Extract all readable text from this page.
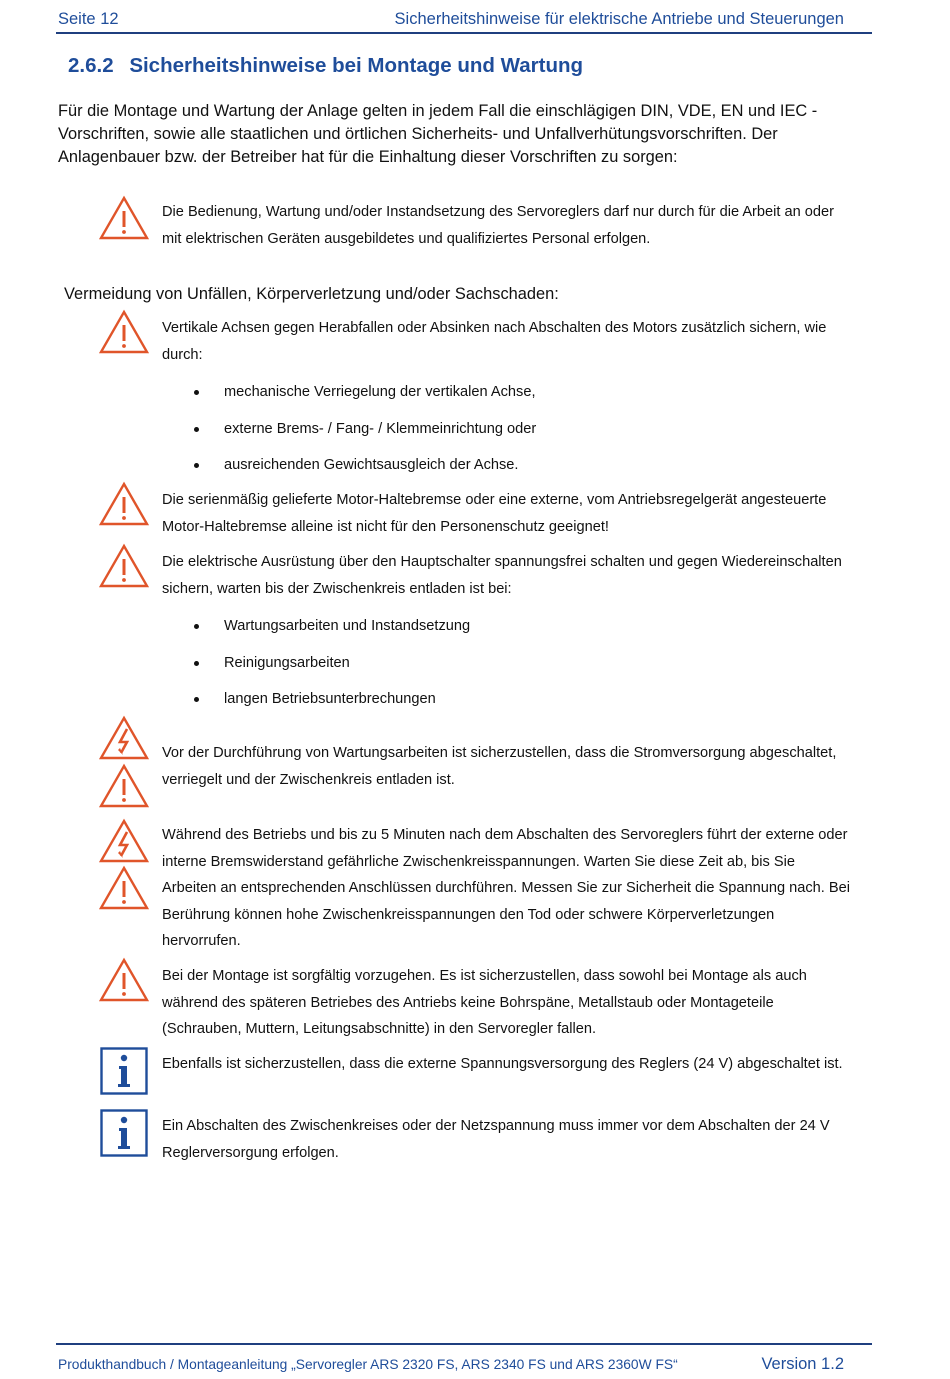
Seite 12	Sicherheitshinweise für elektrische Antriebe und Steuerungen
2.6.2 Sicherheitshinweise bei Montage und Wartung
Für die Montage und Wartung der Anlage gelten in jedem Fall die einschlägigen DIN, VDE, EN und IEC - Vorschriften, sowie alle staatlichen und örtlichen Sicherheits- und Unfallverhütungsvorschriften. Der Anlagenbauer bzw. der Betreiber hat für die Einhaltung dieser Vorschriften zu sorgen:
Die Bedienung, Wartung und/oder Instandsetzung des Servoreglers darf nur durch für die Arbeit an oder mit elektrischen Geräten ausgebildetes und qualifiziertes Personal erfolgen.
Vermeidung von Unfällen, Körperverletzung und/oder Sachschaden:
Vertikale Achsen gegen Herabfallen oder Absinken nach Abschalten des Motors zusätzlich sichern, wie durch:
mechanische Verriegelung der vertikalen Achse,
externe Brems- / Fang- / Klemmeinrichtung oder
ausreichenden Gewichtsausgleich der Achse.
Die serienmäßig gelieferte Motor-Haltebremse oder eine externe, vom Antriebsregelgerät angesteuerte Motor-Haltebremse alleine ist nicht für den Personenschutz geeignet!
Die elektrische Ausrüstung über den Hauptschalter spannungsfrei schalten und gegen Wiedereinschalten sichern, warten bis der Zwischenkreis entladen ist bei:
Wartungsarbeiten und Instandsetzung
Reinigungsarbeiten
langen Betriebsunterbrechungen
Vor der Durchführung von Wartungsarbeiten ist sicherzustellen, dass die Stromversorgung abgeschaltet, verriegelt und der Zwischenkreis entladen ist.
Während des Betriebs und bis zu 5 Minuten nach dem Abschalten des Servoreglers führt der externe oder interne Bremswiderstand gefährliche Zwischenkreisspannungen. Warten Sie diese Zeit ab, bis Sie Arbeiten an entsprechenden Anschlüssen durchführen. Messen Sie zur Sicherheit die Spannung nach. Bei Berührung können hohe Zwischenkreisspannungen den Tod oder schwere Körperverletzungen hervorrufen.
Bei der Montage ist sorgfältig vorzugehen. Es ist sicherzustellen, dass sowohl bei Montage als auch während des späteren Betriebes des Antriebs keine Bohrspäne, Metallstaub oder Montageteile (Schrauben, Muttern, Leitungsabschnitte) in den Servoregler fallen.
Ebenfalls ist sicherzustellen, dass die externe Spannungsversorgung des Reglers (24 V) abgeschaltet ist.
Ein Abschalten des Zwischenkreises oder der Netzspannung muss immer vor dem Abschalten der 24 V Reglerversorgung erfolgen.
Produkthandbuch / Montageanleitung „Servoregler ARS 2320 FS, ARS 2340 FS und ARS 2360W FS“	Version 1.2
